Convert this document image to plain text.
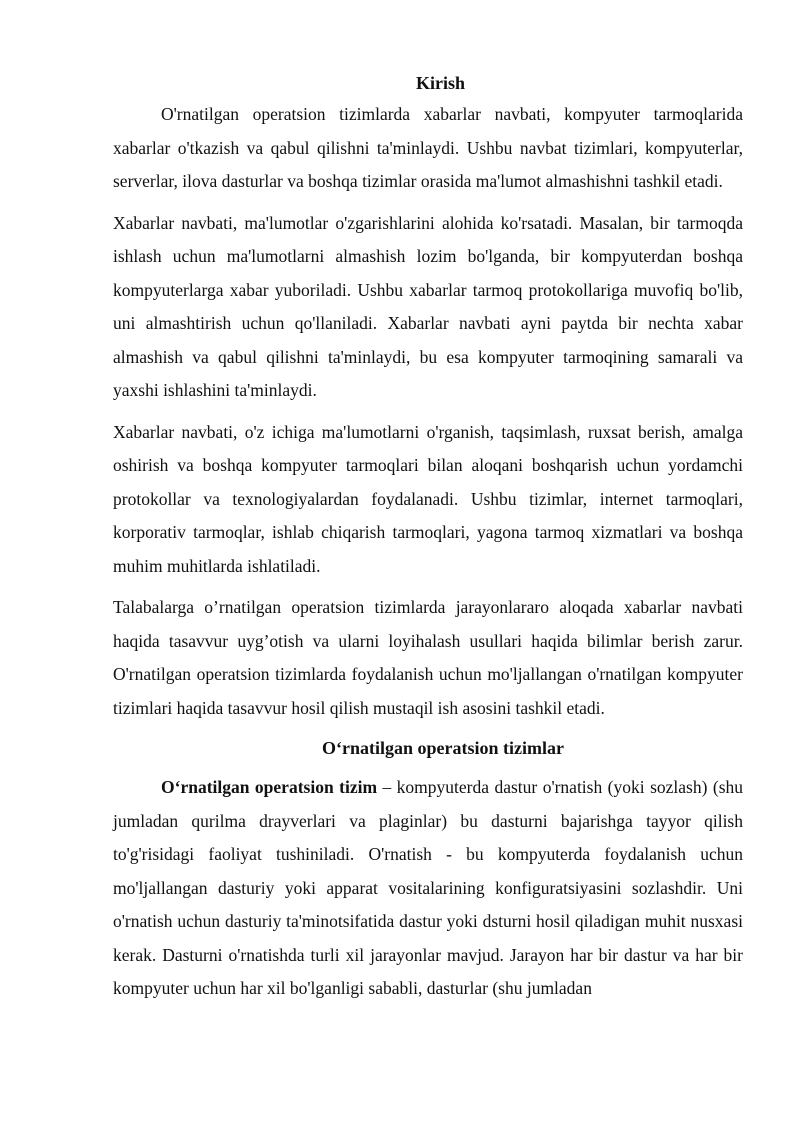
Kirish

O'rnatilgan operatsion tizimlarda xabarlar navbati, kompyuter tarmoqlarida xabarlar o'tkazish va qabul qilishni ta'minlaydi. Ushbu navbat tizimlari, kompyuterlar, serverlar, ilova dasturlar va boshqa tizimlar orasida ma'lumot almashishni tashkil etadi.

Xabarlar navbati, ma'lumotlar o'zgarishlarini alohida ko'rsatadi. Masalan, bir tarmoqda ishlash uchun ma'lumotlarni almashish lozim bo'lganda, bir kompyuterdan boshqa kompyuterlarga xabar yuboriladi. Ushbu xabarlar tarmoq protokollariga muvofiq bo'lib, uni almashtirish uchun qo'llaniladi. Xabarlar navbati ayni paytda bir nechta xabar almashish va qabul qilishni ta'minlaydi, bu esa kompyuter tarmoqining samarali va yaxshi ishlashini ta'minlaydi.

Xabarlar navbati, o'z ichiga ma'lumotlarni o'rganish, taqsimlash, ruxsat berish, amalga oshirish va boshqa kompyuter tarmoqlari bilan aloqani boshqarish uchun yordamchi protokollar va texnologiyalardan foydalanadi. Ushbu tizimlar, internet tarmoqlari, korporativ tarmoqlar, ishlab chiqarish tarmoqlari, yagona tarmoq xizmatlari va boshqa muhim muhitlarda ishlatiladi.

Talabalarga o’rnatilgan operatsion tizimlarda jarayonlararo aloqada xabarlar navbati haqida tasavvur uyg’otish va ularni loyihalash usullari haqida bilimlar berish zarur. O'rnatilgan operatsion tizimlarda foydalanish uchun mo'ljallangan o'rnatilgan kompyuter tizimlari haqida tasavvur hosil qilish mustaqil ish asosini tashkil etadi.

O‘rnatilgan operatsion tizimlar

O‘rnatilgan operatsion tizim – kompyuterda dastur o'rnatish (yoki sozlash) (shu jumladan qurilma drayverlari va plaginlar) bu dasturni bajarishga tayyor qilish to'g'risidagi faoliyat tushiniladi. O'rnatish - bu kompyuterda foydalanish uchun mo'ljallangan dasturiy yoki apparat vositalarining konfiguratsiyasini sozlashdir. Uni o'rnatish uchun dasturiy ta'minotsifatida dastur yoki dsturni hosil qiladigan muhit nusxasi kerak. Dasturni o'rnatishda turli xil jarayonlar mavjud. Jarayon har bir dastur va har bir kompyuter uchun har xil bo'lganligi sababli, dasturlar (shu jumladan
